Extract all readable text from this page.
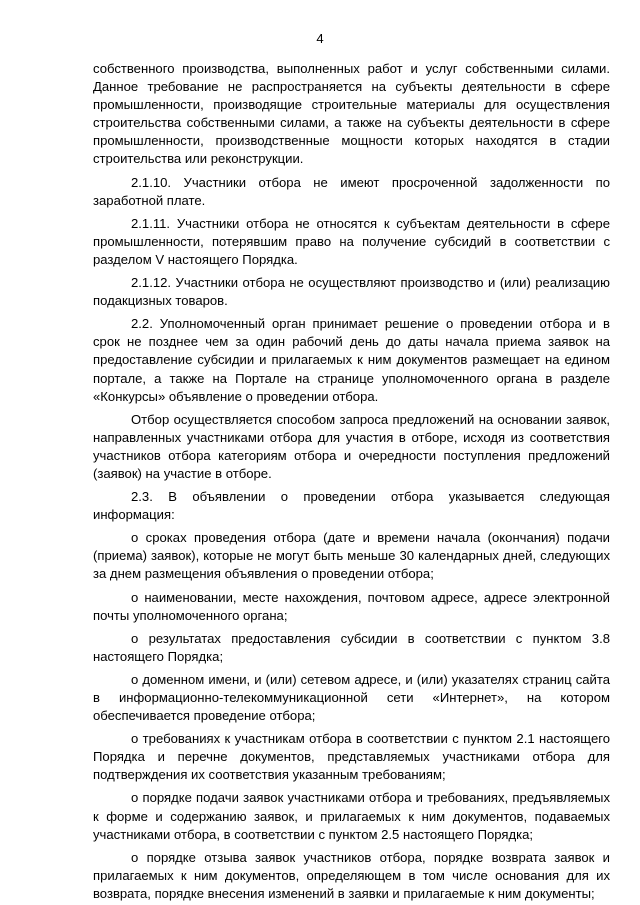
4

собственного производства, выполненных работ и услуг собственными силами. Данное требование не распространяется на субъекты деятельности в сфере промышленности, производящие строительные материалы для осуществления строительства собственными силами, а также на субъекты деятельности в сфере промышленности, производственные мощности которых находятся в стадии строительства или реконструкции.

2.1.10. Участники отбора не имеют просроченной задолженности по заработной плате.

2.1.11. Участники отбора не относятся к субъектам деятельности в сфере промышленности, потерявшим право на получение субсидий в соответствии с разделом V настоящего Порядка.

2.1.12. Участники отбора не осуществляют производство и (или) реализацию подакцизных товаров.

2.2. Уполномоченный орган принимает решение о проведении отбора и в срок не позднее чем за один рабочий день до даты начала приема заявок на предоставление субсидии и прилагаемых к ним документов размещает на едином портале, а также на Портале на странице уполномоченного органа в разделе «Конкурсы» объявление о проведении отбора.

Отбор осуществляется способом запроса предложений на основании заявок, направленных участниками отбора для участия в отборе, исходя из соответствия участников отбора категориям отбора и очередности поступления предложений (заявок) на участие в отборе.

2.3. В объявлении о проведении отбора указывается следующая информация:

о сроках проведения отбора (дате и времени начала (окончания) подачи (приема) заявок), которые не могут быть меньше 30 календарных дней, следующих за днем размещения объявления о проведении отбора;

о наименовании, месте нахождения, почтовом адресе, адресе электронной почты уполномоченного органа;

о результатах предоставления субсидии в соответствии с пунктом 3.8 настоящего Порядка;

о доменном имени, и (или) сетевом адресе, и (или) указателях страниц сайта в информационно-телекоммуникационной сети «Интернет», на котором обеспечивается проведение отбора;

о требованиях к участникам отбора в соответствии с пунктом 2.1 настоящего Порядка и перечне документов, представляемых участниками отбора для подтверждения их соответствия указанным требованиям;

о порядке подачи заявок участниками отбора и требованиях, предъявляемых к форме и содержанию заявок, и прилагаемых к ним документов, подаваемых участниками отбора, в соответствии с пунктом 2.5 настоящего Порядка;

о порядке отзыва заявок участников отбора, порядке возврата заявок и прилагаемых к ним документов, определяющем в том числе основания для их возврата, порядке внесения изменений в заявки и прилагаемые к ним документы;
